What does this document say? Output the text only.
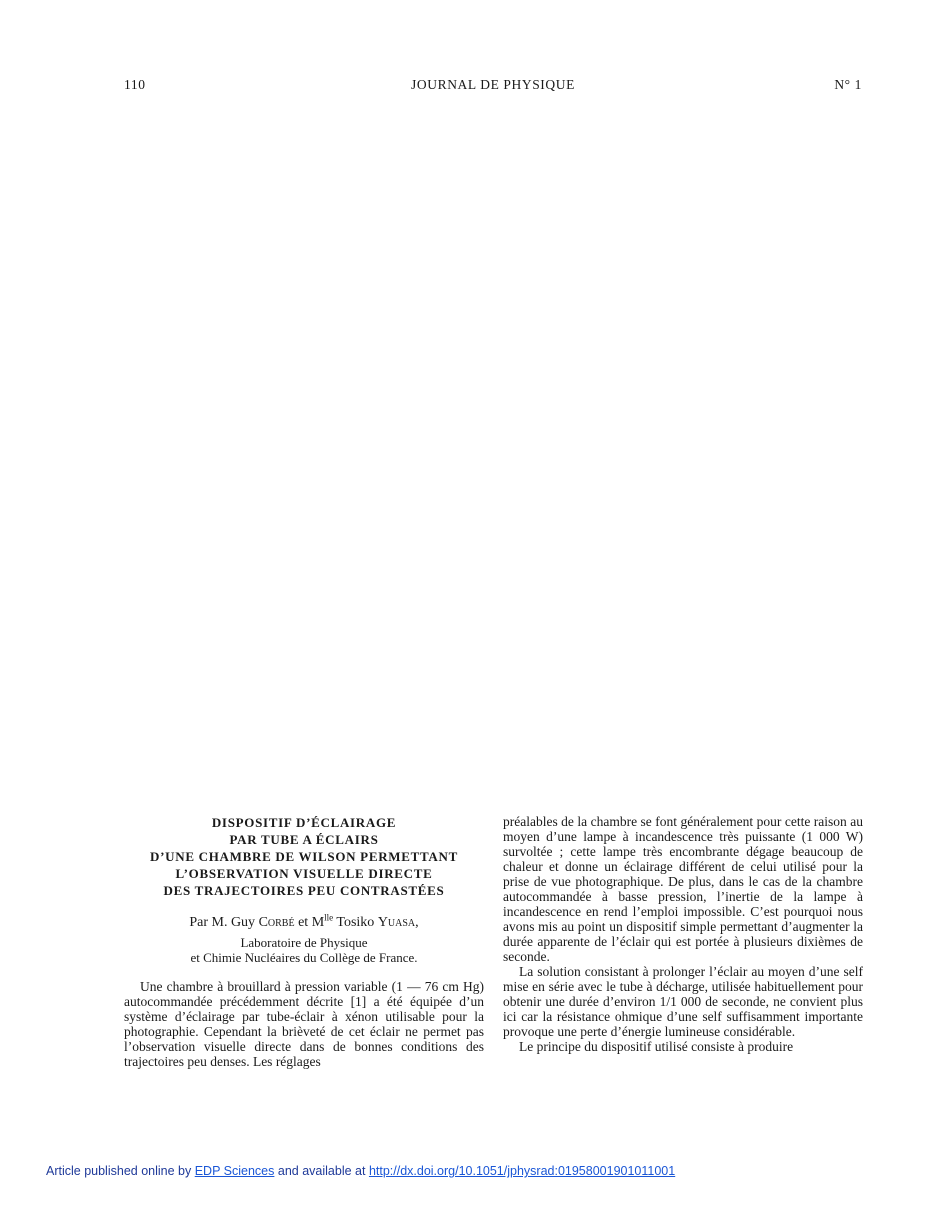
110	JOURNAL DE PHYSIQUE	N° 1
DISPOSITIF D’ÉCLAIRAGE
PAR TUBE A ÉCLAIRS
D’UNE CHAMBRE DE WILSON PERMETTANT
L’OBSERVATION VISUELLE DIRECTE
DES TRAJECTOIRES PEU CONTRASTÉES
Par M. Guy Corbé et $M^{lle}$ Tosiko Yuasa,
Laboratoire de Physique
et Chimie Nucléaires du Collège de France.

Une chambre à brouillard à pression variable (1 — 76 cm Hg) autocommandée précédemment décrite [1] a été équipée d’un système d’éclairage par tube-éclair à xénon utilisable pour la photographie. Cependant la brièveté de cet éclair ne permet pas l’observation visuelle directe dans de bonnes conditions des trajectoires peu denses. Les réglages

préalables de la chambre se font généralement pour cette raison au moyen d’une lampe à incandescence très puissante (1 000 W) survoltée ; cette lampe très encombrante dégage beaucoup de chaleur et donne un éclairage différent de celui utilisé pour la prise de vue photographique. De plus, dans le cas de la chambre autocommandée à basse pression, l’inertie de la lampe à incandescence en rend l’emploi impossible. C’est pourquoi nous avons mis au point un dispositif simple permettant d’augmenter la durée apparente de l’éclair qui est portée à plusieurs dixièmes de seconde.

La solution consistant à prolonger l’éclair au moyen d’une self mise en série avec le tube à décharge, utilisée habituellement pour obtenir une durée d’environ 1/1 000 de seconde, ne convient plus ici car la résistance ohmique d’une self suffisamment importante provoque une perte d’énergie lumineuse considérable.

Le principe du dispositif utilisé consiste à produire

Article published online by EDP Sciences and available at http://dx.doi.org/10.1051/jphysrad:01958001901011001
